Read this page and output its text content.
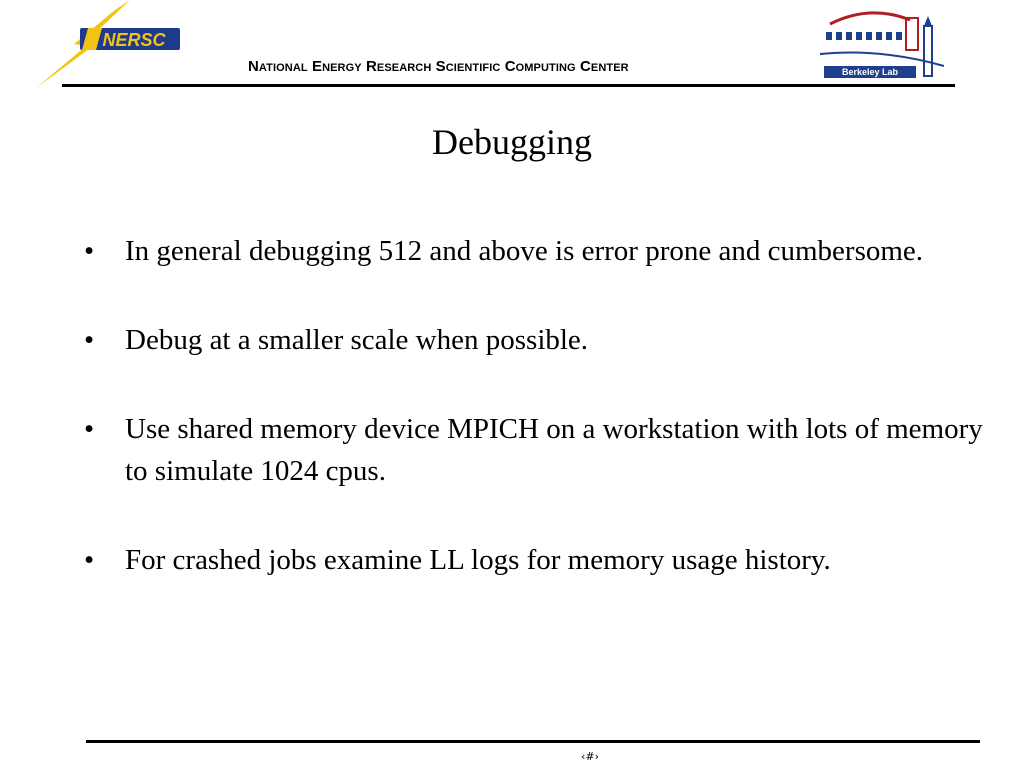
NERSC
National Energy Research Scientific Computing Center	Berkeley Lab
Debugging
• In general debugging 512 and above is error prone and cumbersome.
• Debug at a smaller scale when possible.
• Use shared memory device MPICH on a workstation with lots of memory to simulate 1024 cpus.
• For crashed jobs examine LL logs for memory usage history.
‹#›
